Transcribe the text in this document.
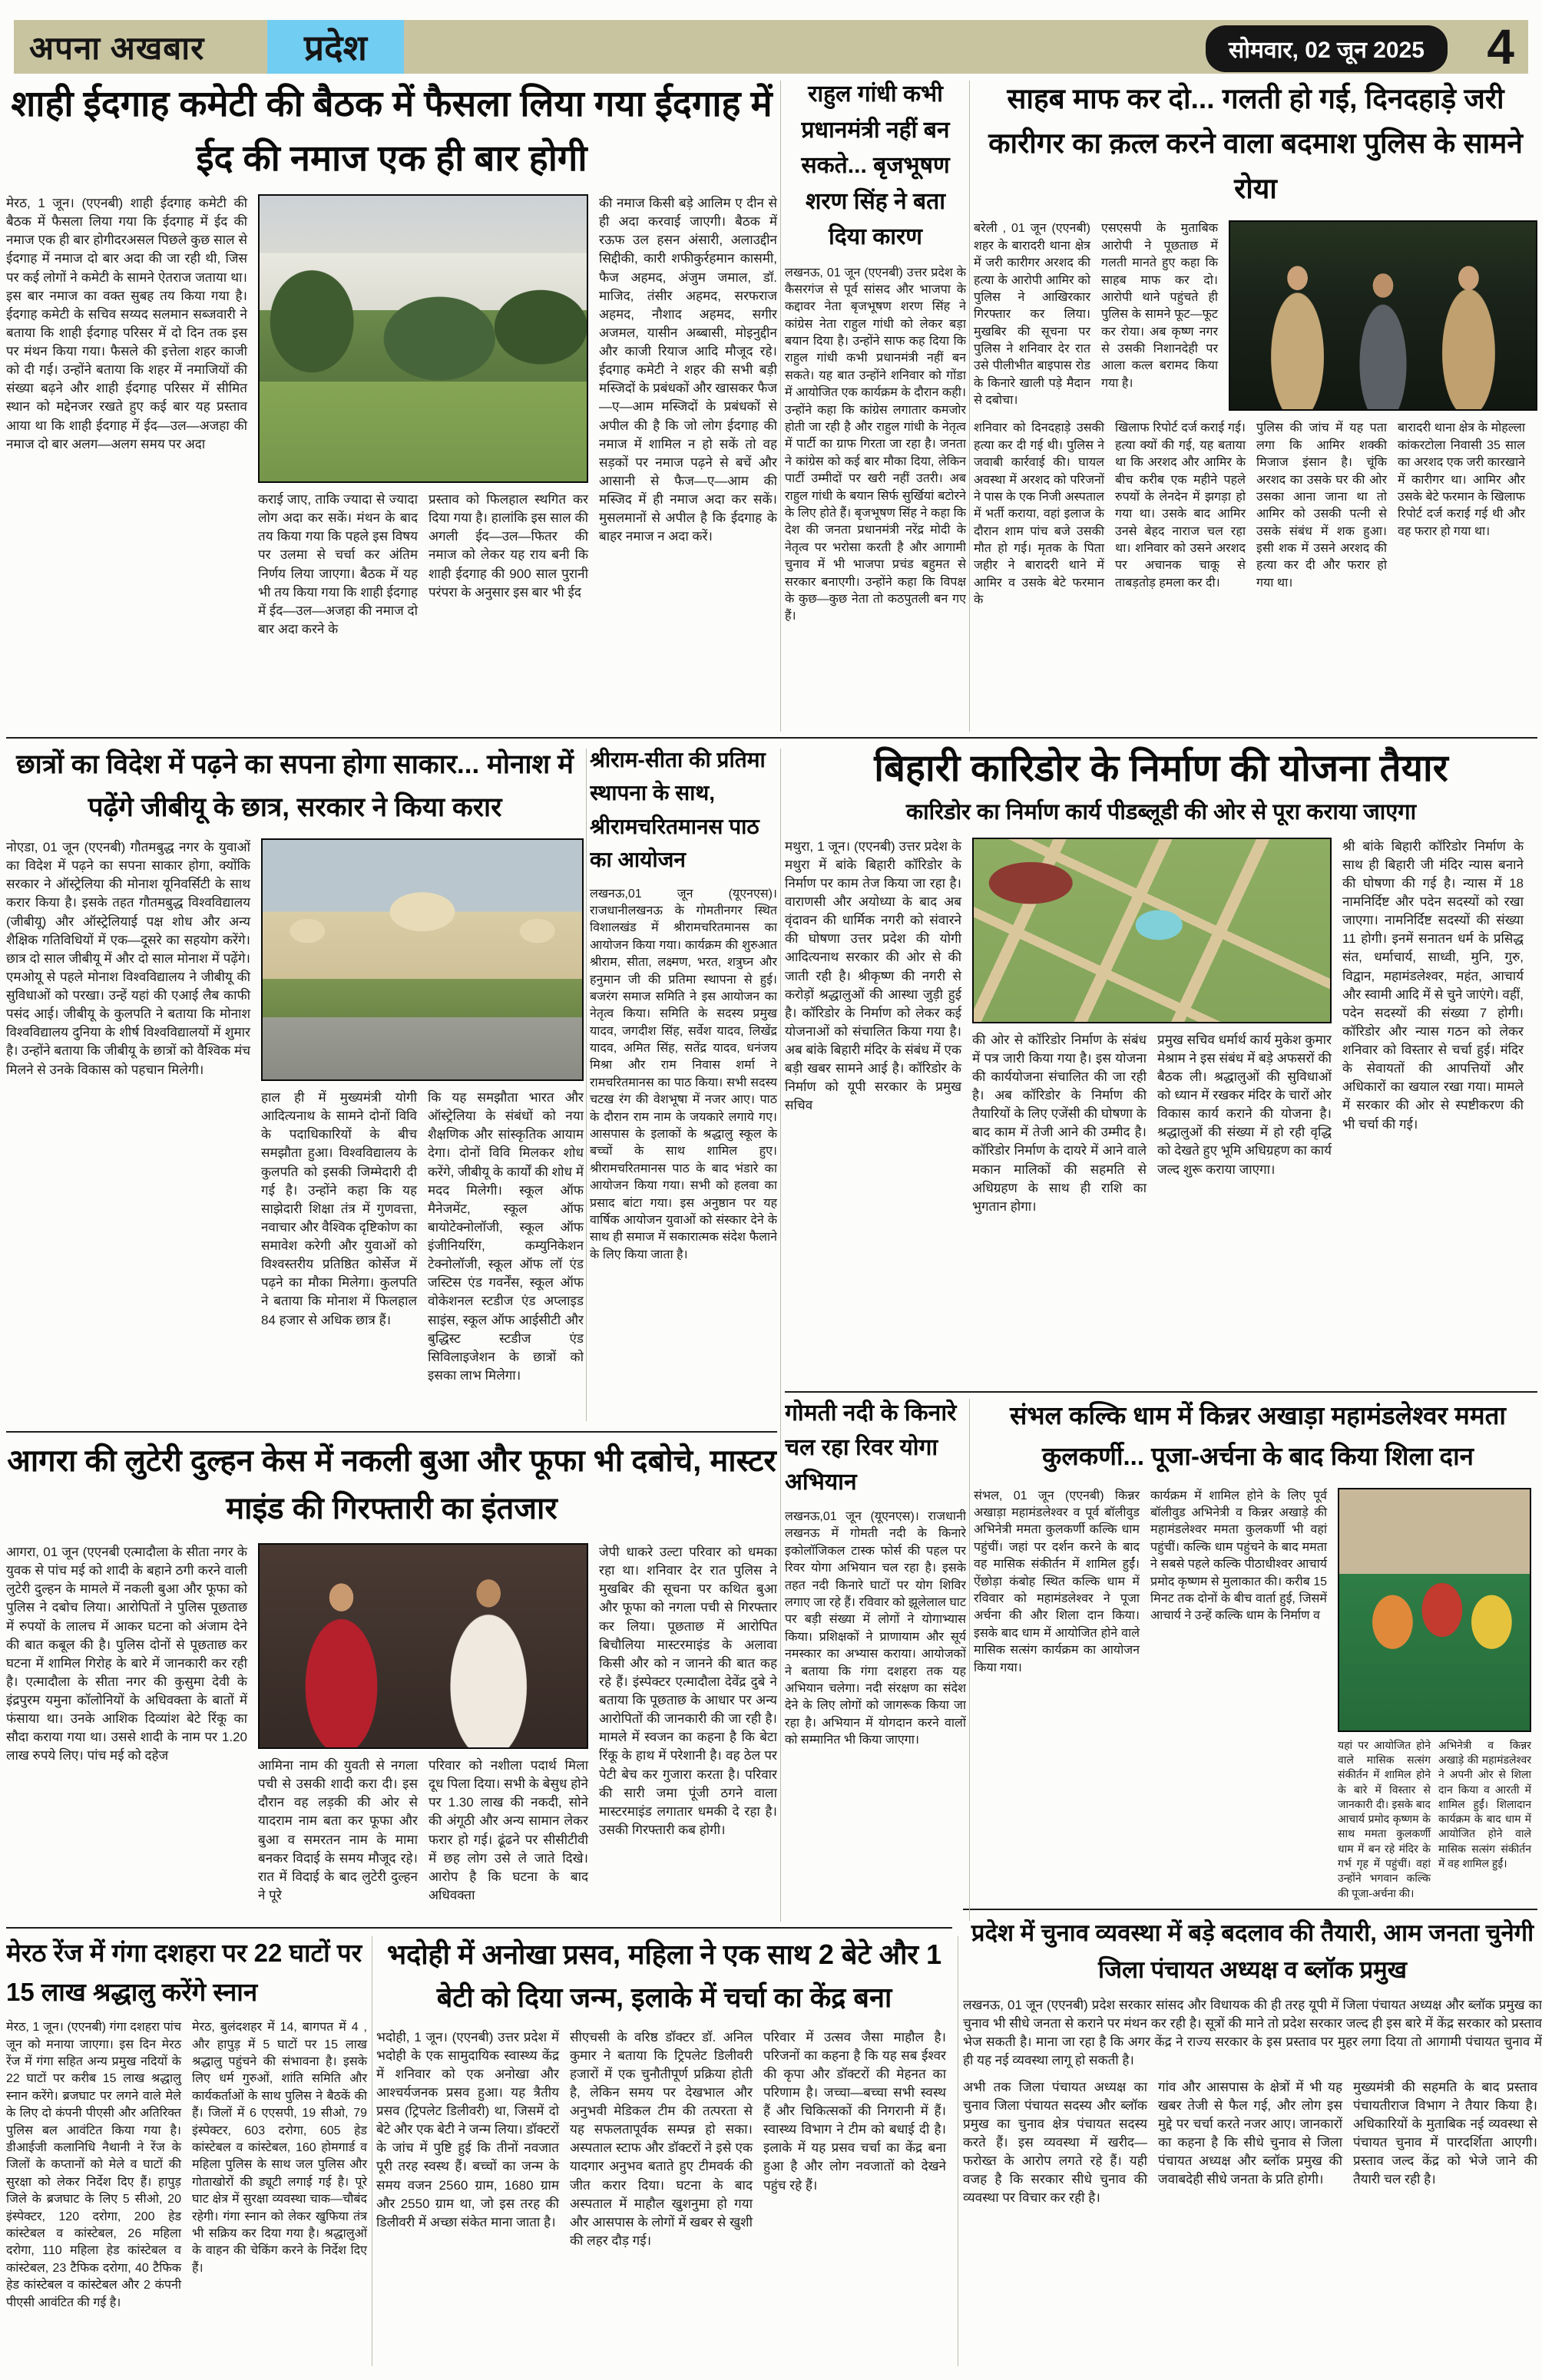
अपना अखबार	प्रदेश	सोमवार, 02 जून 2025	4
शाही ईदगाह कमेटी की बैठक में फैसला लिया गया ईदगाह में ईद की नमाज एक ही बार होगी

मेरठ, 1 जून। (एएनबी) शाही ईदगाह कमेटी की बैठक में फैसला लिया गया कि ईदगाह में ईद की नमाज एक ही बार होगीदरअसल पिछले कुछ साल से ईदगाह में नमाज दो बार अदा की जा रही थी, जिस पर कई लोगों ने कमेटी के सामने ऐतराज जताया था। इस बार नमाज का वक्त सुबह तय किया गया है। ईदगाह कमेटी के सचिव सय्यद सलमान सब्जवारी ने बताया कि शाही ईदगाह परिसर में दो दिन तक इस पर मंथन किया गया। फैसले की इत्तेला शहर काजी को दी गई। उन्होंने बताया कि शहर में नमाजियों की संख्या बढ़ने और शाही ईदगाह परिसर में सीमित स्थान को मद्देनजर रखते हुए कई बार यह प्रस्ताव आया था कि शाही ईदगाह में ईद—उल—अजहा की नमाज दो बार अलग—अलग समय पर अदा

कराई जाए, ताकि ज्यादा से ज्यादा लोग अदा कर सकें। मंथन के बाद तय किया गया कि पहले इस विषय पर उलमा से चर्चा कर अंतिम निर्णय लिया जाएगा। बैठक में यह भी तय किया गया कि शाही ईदगाह में ईद—उल—अजहा की नमाज दो बार अदा करने के

प्रस्ताव को फिलहाल स्थगित कर दिया गया है। हालांकि इस साल की अगली ईद—उल—फितर की नमाज को लेकर यह राय बनी कि शाही ईदगाह की 900 साल पुरानी परंपरा के अनुसार इस बार भी ईद

की नमाज किसी बड़े आलिम ए दीन से ही अदा करवाई जाएगी। बैठक में रऊफ उल हसन अंसारी, अलाउद्दीन सिद्दीकी, कारी शफीकुर्रहमान कासमी, फैज अहमद, अंजुम जमाल, डॉ. माजिद, तंसीर अहमद, सरफराज अहमद, नौशाद अहमद, सगीर अजमल, यासीन अब्बासी, मोइनुद्दीन और काजी रियाज आदि मौजूद रहे। ईदगाह कमेटी ने शहर की सभी बड़ी मस्जिदों के प्रबंधकों और खासकर फैज—ए—आम मस्जिदों के प्रबंधकों से अपील की है कि जो लोग ईदगाह की नमाज में शामिल न हो सकें तो वह सड़कों पर नमाज पढ़ने से बचें और आसानी से फैज—ए—आम की मस्जिद में ही नमाज अदा कर सकें। मुसलमानों से अपील है कि ईदगाह के बाहर नमाज न अदा करें।

राहुल गांधी कभी प्रधानमंत्री नहीं बन सकते... बृजभूषण शरण सिंह ने बता दिया कारण

लखनऊ, 01 जून (एएनबी) उत्तर प्रदेश के कैसरगंज से पूर्व सांसद और भाजपा के कद्दावर नेता बृजभूषण शरण सिंह ने कांग्रेस नेता राहुल गांधी को लेकर बड़ा बयान दिया है। उन्होंने साफ कह दिया कि राहुल गांधी कभी प्रधानमंत्री नहीं बन सकते। यह बात उन्होंने शनिवार को गोंडा में आयोजित एक कार्यक्रम के दौरान कही। उन्होंने कहा कि कांग्रेस लगातार कमजोर होती जा रही है और राहुल गांधी के नेतृत्व में पार्टी का ग्राफ गिरता जा रहा है। जनता ने कांग्रेस को कई बार मौका दिया, लेकिन पार्टी उम्मीदों पर खरी नहीं उतरी। अब राहुल गांधी के बयान सिर्फ सुर्खियां बटोरने के लिए होते हैं। बृजभूषण सिंह ने कहा कि देश की जनता प्रधानमंत्री नरेंद्र मोदी के नेतृत्व पर भरोसा करती है और आगामी चुनाव में भी भाजपा प्रचंड बहुमत से सरकार बनाएगी। उन्होंने कहा कि विपक्ष के कुछ—कुछ नेता तो कठपुतली बन गए हैं।

साहब माफ कर दो... गलती हो गई, दिनदहाड़े जरी कारीगर का क़त्ल करने वाला बदमाश पुलिस के सामने रोया

बरेली , 01 जून (एएनबी) शहर के बारादरी थाना क्षेत्र में जरी कारीगर अरशद की हत्या के आरोपी आमिर को पुलिस ने आखिरकार गिरफ्तार कर लिया। मुखबिर की सूचना पर पुलिस ने शनिवार देर रात उसे पीलीभीत बाइपास रोड के किनारे खाली पड़े मैदान से दबोचा।

एसएसपी के मुताबिक आरोपी ने पूछताछ में गलती मानते हुए कहा कि साहब माफ कर दो। आरोपी थाने पहुंचते ही पुलिस के सामने फूट—फूट कर रोया। अब कृष्ण नगर से उसकी निशानदेही पर आला कत्ल बरामद किया गया है।

शनिवार को दिनदहाड़े उसकी हत्या कर दी गई थी। पुलिस ने जवाबी कार्रवाई की। घायल अवस्था में अरशद को परिजनों ने पास के एक निजी अस्पताल में भर्ती कराया, वहां इलाज के दौरान शाम पांच बजे उसकी मौत हो गई। मृतक के पिता जहीर ने बारादरी थाने में आमिर व उसके बेटे फरमान के

खिलाफ रिपोर्ट दर्ज कराई गई। हत्या क्यों की गई, यह बताया था कि अरशद और आमिर के बीच करीब एक महीने पहले रुपयों के लेनदेन में झगड़ा हो गया था। उसके बाद आमिर उनसे बेहद नाराज चल रहा था। शनिवार को उसने अरशद पर अचानक चाकू से ताबड़तोड़ हमला कर दी।

पुलिस की जांच में यह पता लगा कि आमिर शक्की मिजाज इंसान है। चूंकि अरशद का उसके घर की ओर उसका आना जाना था तो आमिर को उसकी पत्नी से उसके संबंध में शक हुआ। इसी शक में उसने अरशद की हत्या कर दी और फरार हो गया था।

बारादरी थाना क्षेत्र के मोहल्ला कांकरटोला निवासी 35 साल का अरशद एक जरी कारखाने में कारीगर था। आमिर और उसके बेटे फरमान के खिलाफ रिपोर्ट दर्ज कराई गई थी और वह फरार हो गया था।

छात्रों का विदेश में पढ़ने का सपना होगा साकार... मोनाश में पढ़ेंगे जीबीयू के छात्र, सरकार ने किया करार

नोएडा, 01 जून (एएनबी) गौतमबुद्ध नगर के युवाओं का विदेश में पढ़ने का सपना साकार होगा, क्योंकि सरकार ने ऑस्ट्रेलिया की मोनाश यूनिवर्सिटी के साथ करार किया है। इसके तहत गौतमबुद्ध विश्वविद्यालय (जीबीयू) और ऑस्ट्रेलियाई पक्ष शोध और अन्य शैक्षिक गतिविधियों में एक—दूसरे का सहयोग करेंगे। छात्र दो साल जीबीयू में और दो साल मोनाश में पढ़ेंगे। एमओयू से पहले मोनाश विश्वविद्यालय ने जीबीयू की सुविधाओं को परखा। उन्हें यहां की एआई लैब काफी पसंद आई। जीबीयू के कुलपति ने बताया कि मोनाश विश्वविद्यालय दुनिया के शीर्ष विश्वविद्यालयों में शुमार है। उन्होंने बताया कि जीबीयू के छात्रों को वैश्विक मंच मिलने से उनके विकास को पहचान मिलेगी।

हाल ही में मुख्यमंत्री योगी आदित्यनाथ के सामने दोनों विवि के पदाधिकारियों के बीच समझौता हुआ। विश्वविद्यालय के कुलपति को इसकी जिम्मेदारी दी गई है। उन्होंने कहा कि यह साझेदारी शिक्षा तंत्र में गुणवत्ता, नवाचार और वैश्विक दृष्टिकोण का समावेश करेगी और युवाओं को विश्वस्तरीय प्रतिष्ठित कोर्सेज में पढ़ने का मौका मिलेगा। कुलपति ने बताया कि मोनाश में फिलहाल 84 हजार से अधिक छात्र हैं।

कि यह समझौता भारत और ऑस्ट्रेलिया के संबंधों को नया शैक्षणिक और सांस्कृतिक आयाम देगा। दोनों विवि मिलकर शोध करेंगे, जीबीयू के कार्यों की शोध में मदद मिलेगी। स्कूल ऑफ मैनेजमेंट, स्कूल ऑफ बायोटेक्नोलॉजी, स्कूल ऑफ इंजीनियरिंग, कम्युनिकेशन टेक्नोलॉजी, स्कूल ऑफ लॉ एंड जस्टिस एंड गवर्नेंस, स्कूल ऑफ वोकेशनल स्टडीज एंड अप्लाइड साइंस, स्कूल ऑफ आईसीटी और बुद्धिस्ट स्टडीज एंड सिविलाइजेशन के छात्रों को इसका लाभ मिलेगा।

श्रीराम-सीता की प्रतिमा स्थापना के साथ, श्रीरामचरितमानस पाठ का आयोजन

लखनऊ,01 जून (यूएनएस)। राजधानीलखनऊ के गोमतीनगर स्थित विशालखंड में श्रीरामचरितमानस का आयोजन किया गया। कार्यक्रम की शुरुआत श्रीराम, सीता, लक्ष्मण, भरत, शत्रुघ्न और हनुमान जी की प्रतिमा स्थापना से हुई। बजरंग समाज समिति ने इस आयोजन का नेतृत्व किया। समिति के सदस्य प्रमुख यादव, जगदीश सिंह, सर्वेश यादव, लिखेंद्र यादव, अमित सिंह, सतेंद्र यादव, धनंजय मिश्रा और राम निवास शर्मा ने रामचरितमानस का पाठ किया। सभी सदस्य चटख रंग की वेशभूषा में नजर आए। पाठ के दौरान राम नाम के जयकारे लगाये गए। आसपास के इलाकों के श्रद्धालु स्कूल के बच्चों के साथ शामिल हुए। श्रीरामचरितमानस पाठ के बाद भंडारे का आयोजन किया गया। सभी को हलवा का प्रसाद बांटा गया। इस अनुष्ठान पर यह वार्षिक आयोजन युवाओं को संस्कार देने के साथ ही समाज में सकारात्मक संदेश फैलाने के लिए किया जाता है।

बिहारी कारिडोर के निर्माण की योजना तैयार
कारिडोर का निर्माण कार्य पीडब्लूडी की ओर से पूरा कराया जाएगा

मथुरा, 1 जून। (एएनबी) उत्तर प्रदेश के मथुरा में बांके बिहारी कॉरिडोर के निर्माण पर काम तेज किया जा रहा है। वाराणसी और अयोध्या के बाद अब वृंदावन की धार्मिक नगरी को संवारने की घोषणा उत्तर प्रदेश की योगी आदित्यनाथ सरकार की ओर से की जाती रही है। श्रीकृष्ण की नगरी से करोड़ों श्रद्धालुओं की आस्था जुड़ी हुई है। कॉरिडोर के निर्माण को लेकर कई योजनाओं को संचालित किया गया है। अब बांके बिहारी मंदिर के संबंध में एक बड़ी खबर सामने आई है। कॉरिडोर के निर्माण को यूपी सरकार के प्रमुख सचिव

की ओर से कॉरिडोर निर्माण के संबंध में पत्र जारी किया गया है। इस योजना की कार्ययोजना संचालित की जा रही है। अब कॉरिडोर के निर्माण की तैयारियों के लिए एजेंसी की घोषणा के बाद काम में तेजी आने की उम्मीद है। कॉरिडोर निर्माण के दायरे में आने वाले मकान मालिकों की सहमति से अधिग्रहण के साथ ही राशि का भुगतान होगा।

प्रमुख सचिव धर्मार्थ कार्य मुकेश कुमार मेश्राम ने इस संबंध में बड़े अफसरों की बैठक ली। श्रद्धालुओं की सुविधाओं को ध्यान में रखकर मंदिर के चारों ओर विकास कार्य कराने की योजना है। श्रद्धालुओं की संख्या में हो रही वृद्धि को देखते हुए भूमि अधिग्रहण का कार्य जल्द शुरू कराया जाएगा।

श्री बांके बिहारी कॉरिडोर निर्माण के साथ ही बिहारी जी मंदिर न्यास बनाने की घोषणा की गई है। न्यास में 18 नामनिर्दिष्ट और पदेन सदस्यों को रखा जाएगा। नामनिर्दिष्ट सदस्यों की संख्या 11 होगी। इनमें सनातन धर्म के प्रसिद्ध संत, धर्माचार्य, साध्वी, मुनि, गुरु, विद्वान, महामंडलेश्वर, महंत, आचार्य और स्वामी आदि में से चुने जाएंगे। वहीं, पदेन सदस्यों की संख्या 7 होगी। कॉरिडोर और न्यास गठन को लेकर शनिवार को विस्तार से चर्चा हुई। मंदिर के सेवायतों की आपत्तियों और अधिकारों का खयाल रखा गया। मामले में सरकार की ओर से स्पष्टीकरण की भी चर्चा की गई।

गोमती नदी के किनारे चल रहा रिवर योगा अभियान

लखनऊ,01 जून (यूएनएस)। राजधानी लखनऊ में गोमती नदी के किनारे इकोलॉजिकल टास्क फोर्स की पहल पर रिवर योगा अभियान चल रहा है। इसके तहत नदी किनारे घाटों पर योग शिविर लगाए जा रहे हैं। रविवार को झूलेलाल घाट पर बड़ी संख्या में लोगों ने योगाभ्यास किया। प्रशिक्षकों ने प्राणायाम और सूर्य नमस्कार का अभ्यास कराया। आयोजकों ने बताया कि गंगा दशहरा तक यह अभियान चलेगा। नदी संरक्षण का संदेश देने के लिए लोगों को जागरूक किया जा रहा है। अभियान में योगदान करने वालों को सम्मानित भी किया जाएगा।

संभल कल्कि धाम में किन्नर अखाड़ा महामंडलेश्वर ममता कुलकर्णी... पूजा-अर्चना के बाद किया शिला दान

संभल, 01 जून (एएनबी) किन्नर अखाड़ा महामंडलेश्वर व पूर्व बॉलीवुड अभिनेत्री ममता कुलकर्णी कल्कि धाम पहुंचीं। जहां पर दर्शन करने के बाद वह मासिक संकीर्तन में शामिल हुईं। ऐंछोड़ा कंबोह स्थित कल्कि धाम में रविवार को महामंडलेश्वर ने पूजा अर्चना की और शिला दान किया। इसके बाद धाम में आयोजित होने वाले मासिक सत्संग कार्यक्रम का आयोजन किया गया।

कार्यक्रम में शामिल होने के लिए पूर्व बॉलीवुड अभिनेत्री व किन्नर अखाड़े की महामंडलेश्वर ममता कुलकर्णी भी वहां पहुंचीं। कल्कि धाम पहुंचने के बाद ममता ने सबसे पहले कल्कि पीठाधीश्वर आचार्य प्रमोद कृष्णम से मुलाकात की। करीब 15 मिनट तक दोनों के बीच वार्ता हुई, जिसमें आचार्य ने उन्हें कल्कि धाम के निर्माण व

यहां पर आयोजित होने वाले मासिक सत्संग संकीर्तन में शामिल होने के बारे में विस्तार से जानकारी दी। इसके बाद आचार्य प्रमोद कृष्णम के साथ ममता कुलकर्णी धाम में बन रहे मंदिर के गर्भ गृह में पहुंचीं। वहां उन्होंने भगवान कल्कि की पूजा-अर्चना की।

अभिनेत्री व किन्नर अखाड़े की महामंडलेश्वर ने अपनी ओर से शिला दान किया व आरती में शामिल हुईं। शिलादान कार्यक्रम के बाद धाम में आयोजित होने वाले मासिक सत्संग संकीर्तन में वह शामिल हुईं।

आगरा की लुटेरी दुल्हन केस में नकली बुआ और फूफा भी दबोचे, मास्टर माइंड की गिरफ्तारी का इंतजार

आगरा, 01 जून (एएनबी एत्मादौला के सीता नगर के युवक से पांच मई को शादी के बहाने ठगी करने वाली लुटेरी दुल्हन के मामले में नकली बुआ और फूफा को पुलिस ने दबोच लिया। आरोपितों ने पुलिस पूछताछ में रुपयों के लालच में आकर घटना को अंजाम देने की बात कबूल की है। पुलिस दोनों से पूछताछ कर घटना में शामिल गिरोह के बारे में जानकारी कर रही है। एत्मादौला के सीता नगर की कुसुमा देवी के इंद्रपुरम यमुना कॉलोनियों के अधिवक्ता के बातों में फंसाया था। उनके आशिक दिव्यांश बेटे रिंकू का सौदा कराया गया था। उससे शादी के नाम पर 1.20 लाख रुपये लिए। पांच मई को दहेज

आमिना नाम की युवती से नगला पची से उसकी शादी करा दी। इस दौरान वह लड़की की ओर से यादराम नाम बता कर फूफा और बुआ व समरतन नाम के मामा बनकर विदाई के समय मौजूद रहे। रात में विदाई के बाद लुटेरी दुल्हन ने पूरे

परिवार को नशीला पदार्थ मिला दूध पिला दिया। सभी के बेसुध होने पर 1.30 लाख की नकदी, सोने की अंगूठी और अन्य सामान लेकर फरार हो गई। ढूंढने पर सीसीटीवी में छह लोग उसे ले जाते दिखे। आरोप है कि घटना के बाद अधिवक्ता

जेपी धाकरे उल्टा परिवार को धमका रहा था। शनिवार देर रात पुलिस ने मुखबिर की सूचना पर कथित बुआ और फूफा को नगला पची से गिरफ्तार कर लिया। पूछताछ में आरोपित बिचौलिया मास्टरमाइंड के अलावा किसी और को न जानने की बात कह रहे हैं। इंस्पेक्टर एत्मादौला देवेंद्र दुबे ने बताया कि पूछताछ के आधार पर अन्य आरोपितों की जानकारी की जा रही है। मामले में स्वजन का कहना है कि बेटा रिंकू के हाथ में परेशानी है। वह ठेल पर पेटी बेच कर गुजारा करता है। परिवार की सारी जमा पूंजी ठगने वाला मास्टरमाइंड लगातार धमकी दे रहा है। उसकी गिरफ्तारी कब होगी।

मेरठ रेंज में गंगा दशहरा पर 22 घाटों पर 15 लाख श्रद्धालु करेंगे स्नान

मेरठ, 1 जून। (एएनबी) गंगा दशहरा पांच जून को मनाया जाएगा। इस दिन मेरठ रेंज में गंगा सहित अन्य प्रमुख नदियों के 22 घाटों पर करीब 15 लाख श्रद्धालु स्नान करेंगे। ब्रजघाट पर लगने वाले मेले के लिए दो कंपनी पीएसी और अतिरिक्त पुलिस बल आवंटित किया गया है। डीआईजी कलानिधि नैथानी ने रेंज के जिलों के कप्तानों को मेले व घाटों की सुरक्षा को लेकर निर्देश दिए हैं। हापुड़ जिले के ब्रजघाट के लिए 5 सीओ, 20 इंस्पेक्टर, 120 दरोगा, 200 हेड कांस्टेबल व कांस्टेबल, 26 महिला दरोगा, 110 महिला हेड कांस्टेबल व कांस्टेबल, 23 टैफिक दरोगा, 40 टैफिक हेड कांस्टेबल व कांस्टेबल और 2 कंपनी पीएसी आवंटित की गई है।

मेरठ, बुलंदशहर में 14, बागपत में 4 , और हापुड़ में 5 घाटों पर 15 लाख श्रद्धालु पहुंचने की संभावना है। इसके लिए धर्म गुरुओं, शांति समिति और कार्यकर्ताओं के साथ पुलिस ने बैठकें की हैं। जिलों में 6 एएसपी, 19 सीओ, 79 इंस्पेक्टर, 603 दरोगा, 605 हेड कांस्टेबल व कांस्टेबल, 160 होमगार्ड व महिला पुलिस के साथ जल पुलिस और गोताखोरों की ड्यूटी लगाई गई है। पूरे घाट क्षेत्र में सुरक्षा व्यवस्था चाक—चौबंद रहेगी। गंगा स्नान को लेकर खुफिया तंत्र भी सक्रिय कर दिया गया है। श्रद्धालुओं के वाहन की चेकिंग करने के निर्देश दिए हैं।

भदोही में अनोखा प्रसव, महिला ने एक साथ 2 बेटे और 1 बेटी को दिया जन्म, इलाके में चर्चा का केंद्र बना

भदोही, 1 जून। (एएनबी) उत्तर प्रदेश में भदोही के एक सामुदायिक स्वास्थ्य केंद्र में शनिवार को एक अनोखा और आश्चर्यजनक प्रसव हुआ। यह त्रैतीय प्रसव (ट्रिपलेट डिलीवरी) था, जिसमें दो बेटे और एक बेटी ने जन्म लिया। डॉक्टरों के जांच में पुष्टि हुई कि तीनों नवजात पूरी तरह स्वस्थ हैं। बच्चों का जन्म के समय वजन 2560 ग्राम, 1680 ग्राम और 2550 ग्राम था, जो इस तरह की डिलीवरी में अच्छा संकेत माना जाता है।

सीएचसी के वरिष्ठ डॉक्टर डॉ. अनिल कुमार ने बताया कि ट्रिपलेट डिलीवरी हजारों में एक चुनौतीपूर्ण प्रक्रिया होती है, लेकिन समय पर देखभाल और अनुभवी मेडिकल टीम की तत्परता से यह सफलतापूर्वक सम्पन्न हो सका। अस्पताल स्टाफ और डॉक्टरों ने इसे एक यादगार अनुभव बताते हुए टीमवर्क की जीत करार दिया। घटना के बाद अस्पताल में माहौल खुशनुमा हो गया और आसपास के लोगों में खबर से खुशी की लहर दौड़ गई।

परिवार में उत्सव जैसा माहौल है। परिजनों का कहना है कि यह सब ईश्वर की कृपा और डॉक्टरों की मेहनत का परिणाम है। जच्चा—बच्चा सभी स्वस्थ हैं और चिकित्सकों की निगरानी में हैं। स्वास्थ्य विभाग ने टीम को बधाई दी है। इलाके में यह प्रसव चर्चा का केंद्र बना हुआ है और लोग नवजातों को देखने पहुंच रहे हैं।

प्रदेश में चुनाव व्यवस्था में बड़े बदलाव की तैयारी, आम जनता चुनेगी जिला पंचायत अध्यक्ष व ब्लॉक प्रमुख

लखनऊ, 01 जून (एएनबी) प्रदेश सरकार सांसद और विधायक की ही तरह यूपी में जिला पंचायत अध्यक्ष और ब्लॉक प्रमुख का चुनाव भी सीधे जनता से कराने पर मंथन कर रही है। सूत्रों की माने तो प्रदेश सरकार जल्द ही इस बारे में केंद्र सरकार को प्रस्ताव भेज सकती है। माना जा रहा है कि अगर केंद्र ने राज्य सरकार के इस प्रस्ताव पर मुहर लगा दिया तो आगामी पंचायत चुनाव में ही यह नई व्यवस्था लागू हो सकती है।

अभी तक जिला पंचायत अध्यक्ष का चुनाव जिला पंचायत सदस्य और ब्लॉक प्रमुख का चुनाव क्षेत्र पंचायत सदस्य करते हैं। इस व्यवस्था में खरीद—फरोख्त के आरोप लगते रहे हैं। यही वजह है कि सरकार सीधे चुनाव की व्यवस्था पर विचार कर रही है।

गांव और आसपास के क्षेत्रों में भी यह खबर तेजी से फैल गई, और लोग इस मुद्दे पर चर्चा करते नजर आए। जानकारों का कहना है कि सीधे चुनाव से जिला पंचायत अध्यक्ष और ब्लॉक प्रमुख की जवाबदेही सीधे जनता के प्रति होगी।

मुख्यमंत्री की सहमति के बाद प्रस्ताव पंचायतीराज विभाग ने तैयार किया है। अधिकारियों के मुताबिक नई व्यवस्था से पंचायत चुनाव में पारदर्शिता आएगी। प्रस्ताव जल्द केंद्र को भेजे जाने की तैयारी चल रही है।
